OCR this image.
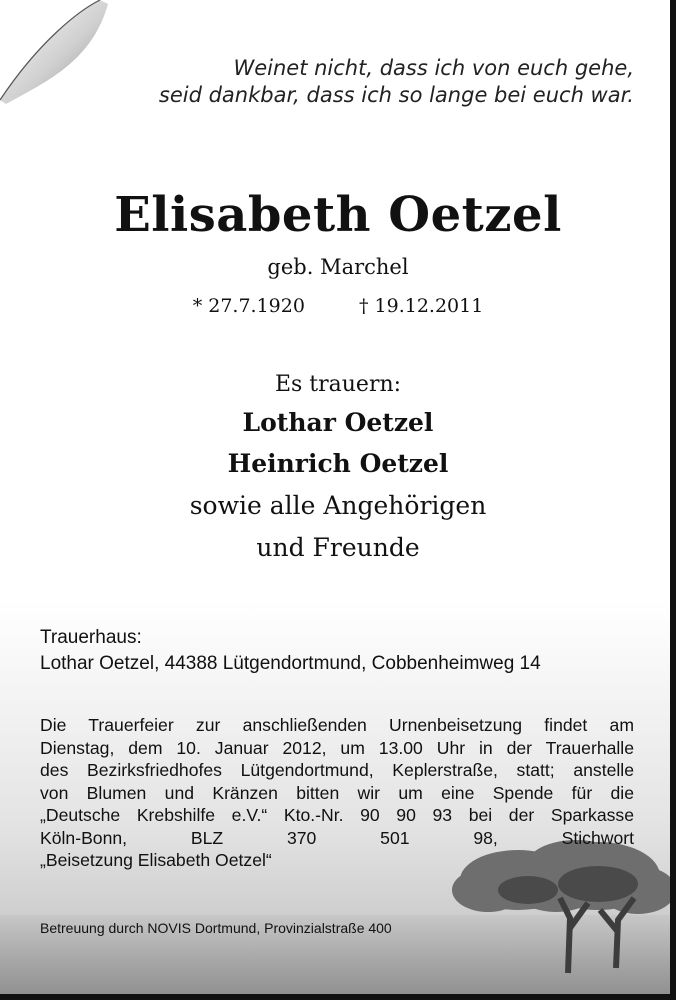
Weinet nicht, dass ich von euch gehe,
seid dankbar, dass ich so lange bei euch war.
Elisabeth Oetzel
geb. Marchel
* 27.7.1920	† 19.12.2011
Es trauern:
Lothar Oetzel
Heinrich Oetzel
sowie alle Angehörigen
und Freunde
Trauerhaus:
Lothar Oetzel, 44388 Lütgendortmund, Cobbenheimweg 14
Die Trauerfeier zur anschließenden Urnenbeisetzung findet am
Dienstag, dem 10. Januar 2012, um 13.00 Uhr in der Trauerhalle
des Bezirksfriedhofes Lütgendortmund, Keplerstraße, statt; anstelle
von Blumen und Kränzen bitten wir um eine Spende für die
„Deutsche Krebshilfe e.V.“ Kto.-Nr. 90 90 93 bei der Sparkasse
Köln-Bonn, BLZ 370 501 98, Stichwort
„Beisetzung Elisabeth Oetzel“
Betreuung durch NOVIS Dortmund, Provinzialstraße 400
